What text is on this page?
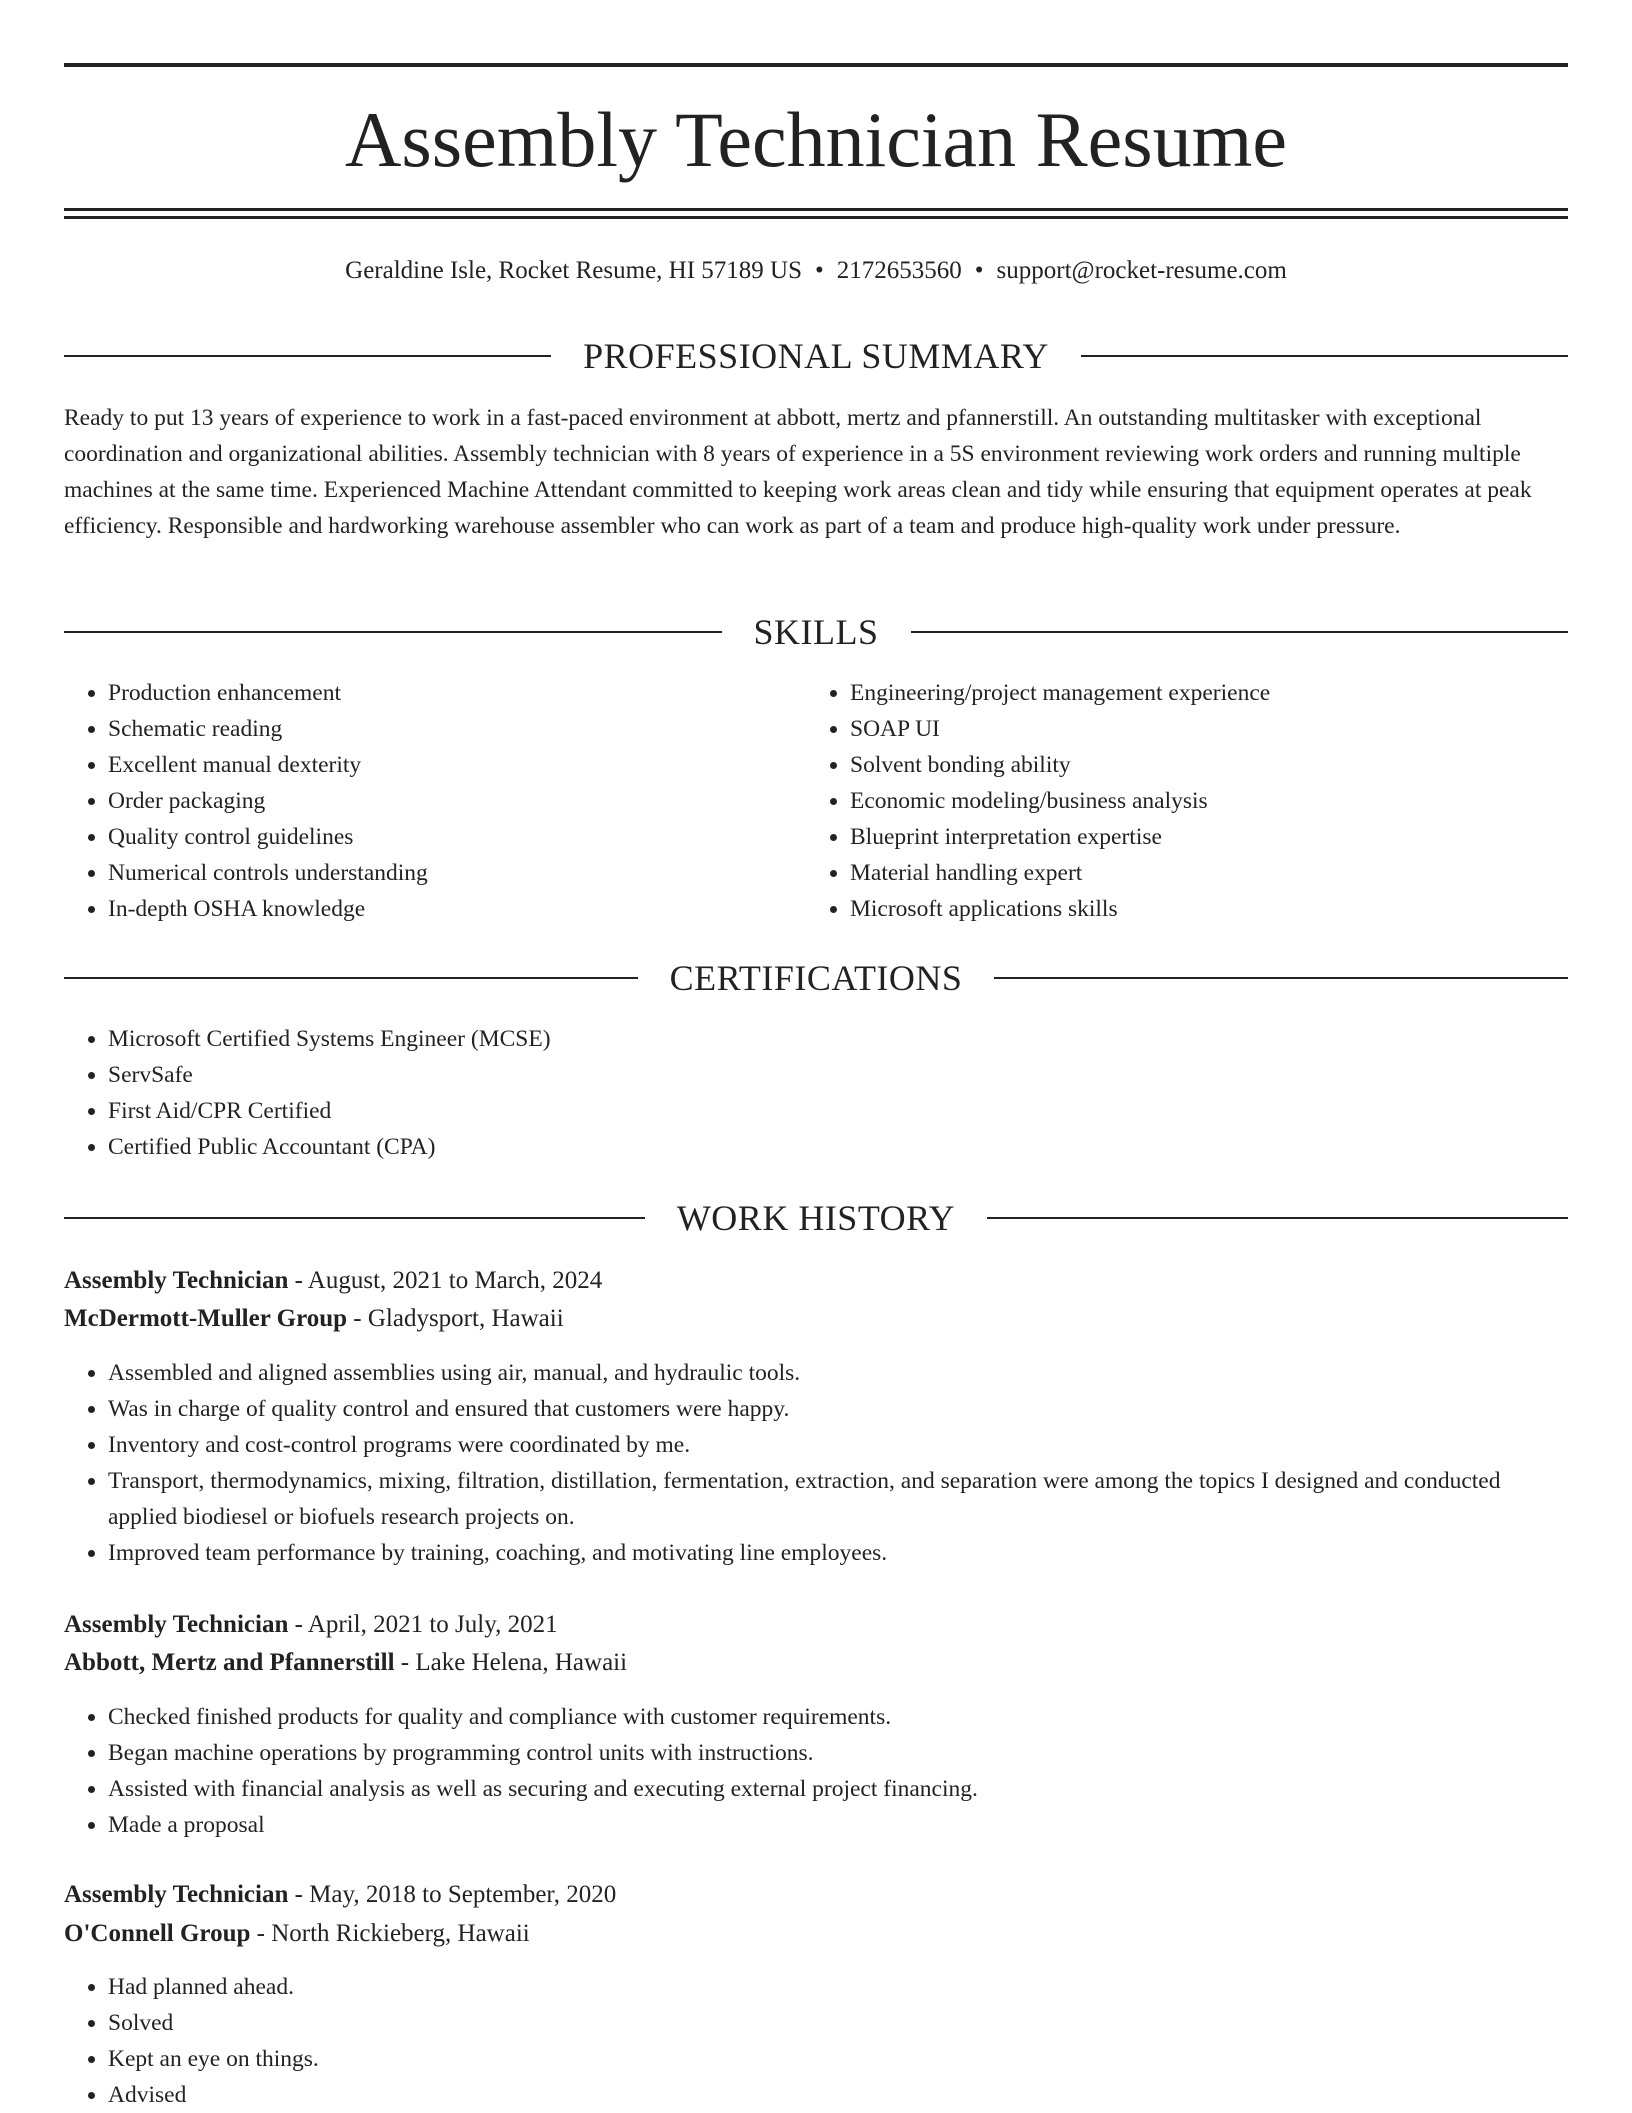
Assembly Technician Resume
Geraldine Isle, Rocket Resume, HI 57189 US • 2172653560 • support@rocket-resume.com
PROFESSIONAL SUMMARY

Ready to put 13 years of experience to work in a fast-paced environment at abbott, mertz and pfannerstill. An outstanding multitasker with exceptional coordination and organizational abilities. Assembly technician with 8 years of experience in a 5S environment reviewing work orders and running multiple machines at the same time. Experienced Machine Attendant committed to keeping work areas clean and tidy while ensuring that equipment operates at peak efficiency. Responsible and hardworking warehouse assembler who can work as part of a team and produce high-quality work under pressure.

SKILLS
• Production enhancement
• Schematic reading
• Excellent manual dexterity
• Order packaging
• Quality control guidelines
• Numerical controls understanding
• In-depth OSHA knowledge
• Engineering/project management experience
• SOAP UI
• Solvent bonding ability
• Economic modeling/business analysis
• Blueprint interpretation expertise
• Material handling expert
• Microsoft applications skills
CERTIFICATIONS
• Microsoft Certified Systems Engineer (MCSE)
• ServSafe
• First Aid/CPR Certified
• Certified Public Accountant (CPA)
WORK HISTORY
Assembly Technician - August, 2021 to March, 2024
McDermott-Muller Group - Gladysport, Hawaii
• Assembled and aligned assemblies using air, manual, and hydraulic tools.
• Was in charge of quality control and ensured that customers were happy.
• Inventory and cost-control programs were coordinated by me.
• Transport, thermodynamics, mixing, filtration, distillation, fermentation, extraction, and separation were among the topics I designed and conducted applied biodiesel or biofuels research projects on.
• Improved team performance by training, coaching, and motivating line employees.
Assembly Technician - April, 2021 to July, 2021
Abbott, Mertz and Pfannerstill - Lake Helena, Hawaii
• Checked finished products for quality and compliance with customer requirements.
• Began machine operations by programming control units with instructions.
• Assisted with financial analysis as well as securing and executing external project financing.
• Made a proposal
Assembly Technician - May, 2018 to September, 2020
O'Connell Group - North Rickieberg, Hawaii
• Had planned ahead.
• Solved
• Kept an eye on things.
• Advised
